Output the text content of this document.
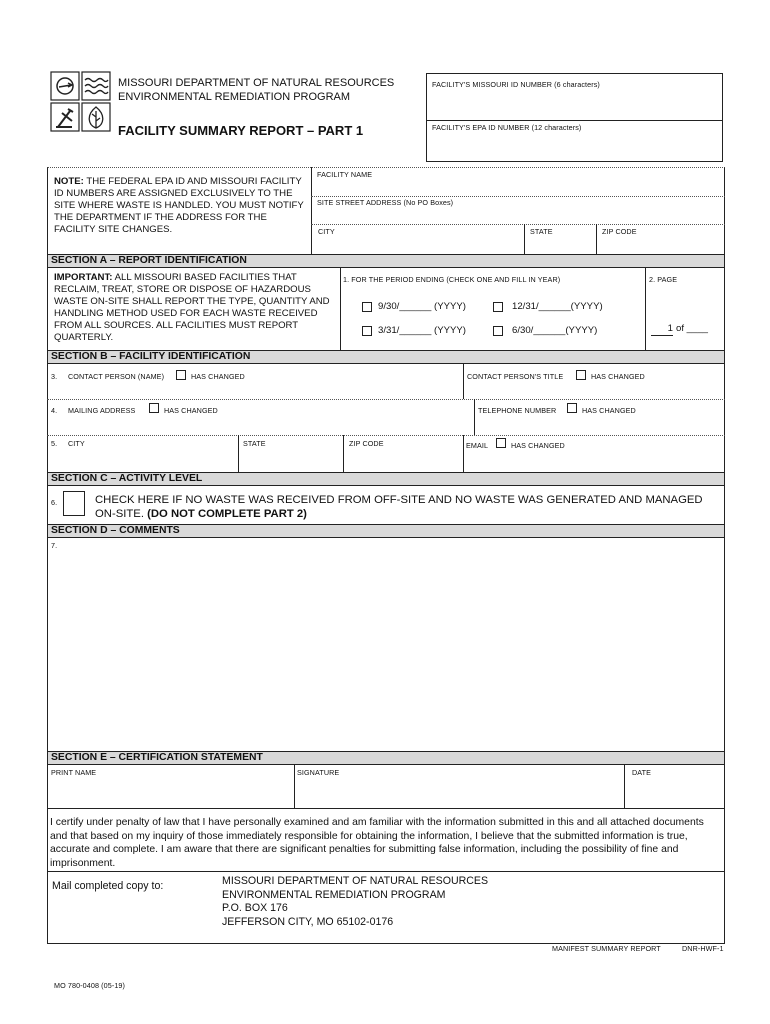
MISSOURI DEPARTMENT OF NATURAL RESOURCES
ENVIRONMENTAL REMEDIATION PROGRAM
FACILITY SUMMARY REPORT – PART 1
FACILITY'S MISSOURI ID NUMBER (6 characters)
FACILITY'S EPA ID NUMBER (12 characters)
NOTE: THE FEDERAL EPA ID AND MISSOURI FACILITY ID NUMBERS ARE ASSIGNED EXCLUSIVELY TO THE SITE WHERE WASTE IS HANDLED. YOU MUST NOTIFY THE DEPARTMENT IF THE ADDRESS FOR THE FACILITY SITE CHANGES.
FACILITY NAME
SITE STREET ADDRESS (No PO Boxes)
CITY	STATE	ZIP CODE
SECTION A – REPORT IDENTIFICATION
IMPORTANT: ALL MISSOURI BASED FACILITIES THAT RECLAIM, TREAT, STORE OR DISPOSE OF HAZARDOUS WASTE ON-SITE SHALL REPORT THE TYPE, QUANTITY AND HANDLING METHOD USED FOR EACH WASTE RECEIVED FROM ALL SOURCES. ALL FACILITIES MUST REPORT QUARTERLY.
1. FOR THE PERIOD ENDING (CHECK ONE AND FILL IN YEAR)
9/30/______ (YYYY)	12/31/______(YYYY)
3/31/______ (YYYY)	6/30/______(YYYY)
2. PAGE
1 of ____
SECTION B – FACILITY IDENTIFICATION
3. CONTACT PERSON (NAME)	HAS CHANGED	CONTACT PERSON'S TITLE	HAS CHANGED
4. MAILING ADDRESS	HAS CHANGED	TELEPHONE NUMBER	HAS CHANGED
5. CITY	STATE	ZIP CODE	EMAIL	HAS CHANGED
SECTION C – ACTIVITY LEVEL
6.	CHECK HERE IF NO WASTE WAS RECEIVED FROM OFF-SITE AND NO WASTE WAS GENERATED AND MANAGED
ON-SITE. (DO NOT COMPLETE PART 2)
SECTION D – COMMENTS
7.
SECTION E – CERTIFICATION STATEMENT
PRINT NAME	SIGNATURE	DATE
I certify under penalty of law that I have personally examined and am familiar with the information submitted in this and all attached documents and that based on my inquiry of those immediately responsible for obtaining the information, I believe that the submitted information is true, accurate and complete. I am aware that there are significant penalties for submitting false information, including the possibility of fine and imprisonment.
Mail completed copy to:	MISSOURI DEPARTMENT OF NATURAL RESOURCES
ENVIRONMENTAL REMEDIATION PROGRAM
P.O. BOX 176
JEFFERSON CITY, MO 65102-0176
MANIFEST SUMMARY REPORT	DNR-HWF-1
MO 780-0408 (05-19)
